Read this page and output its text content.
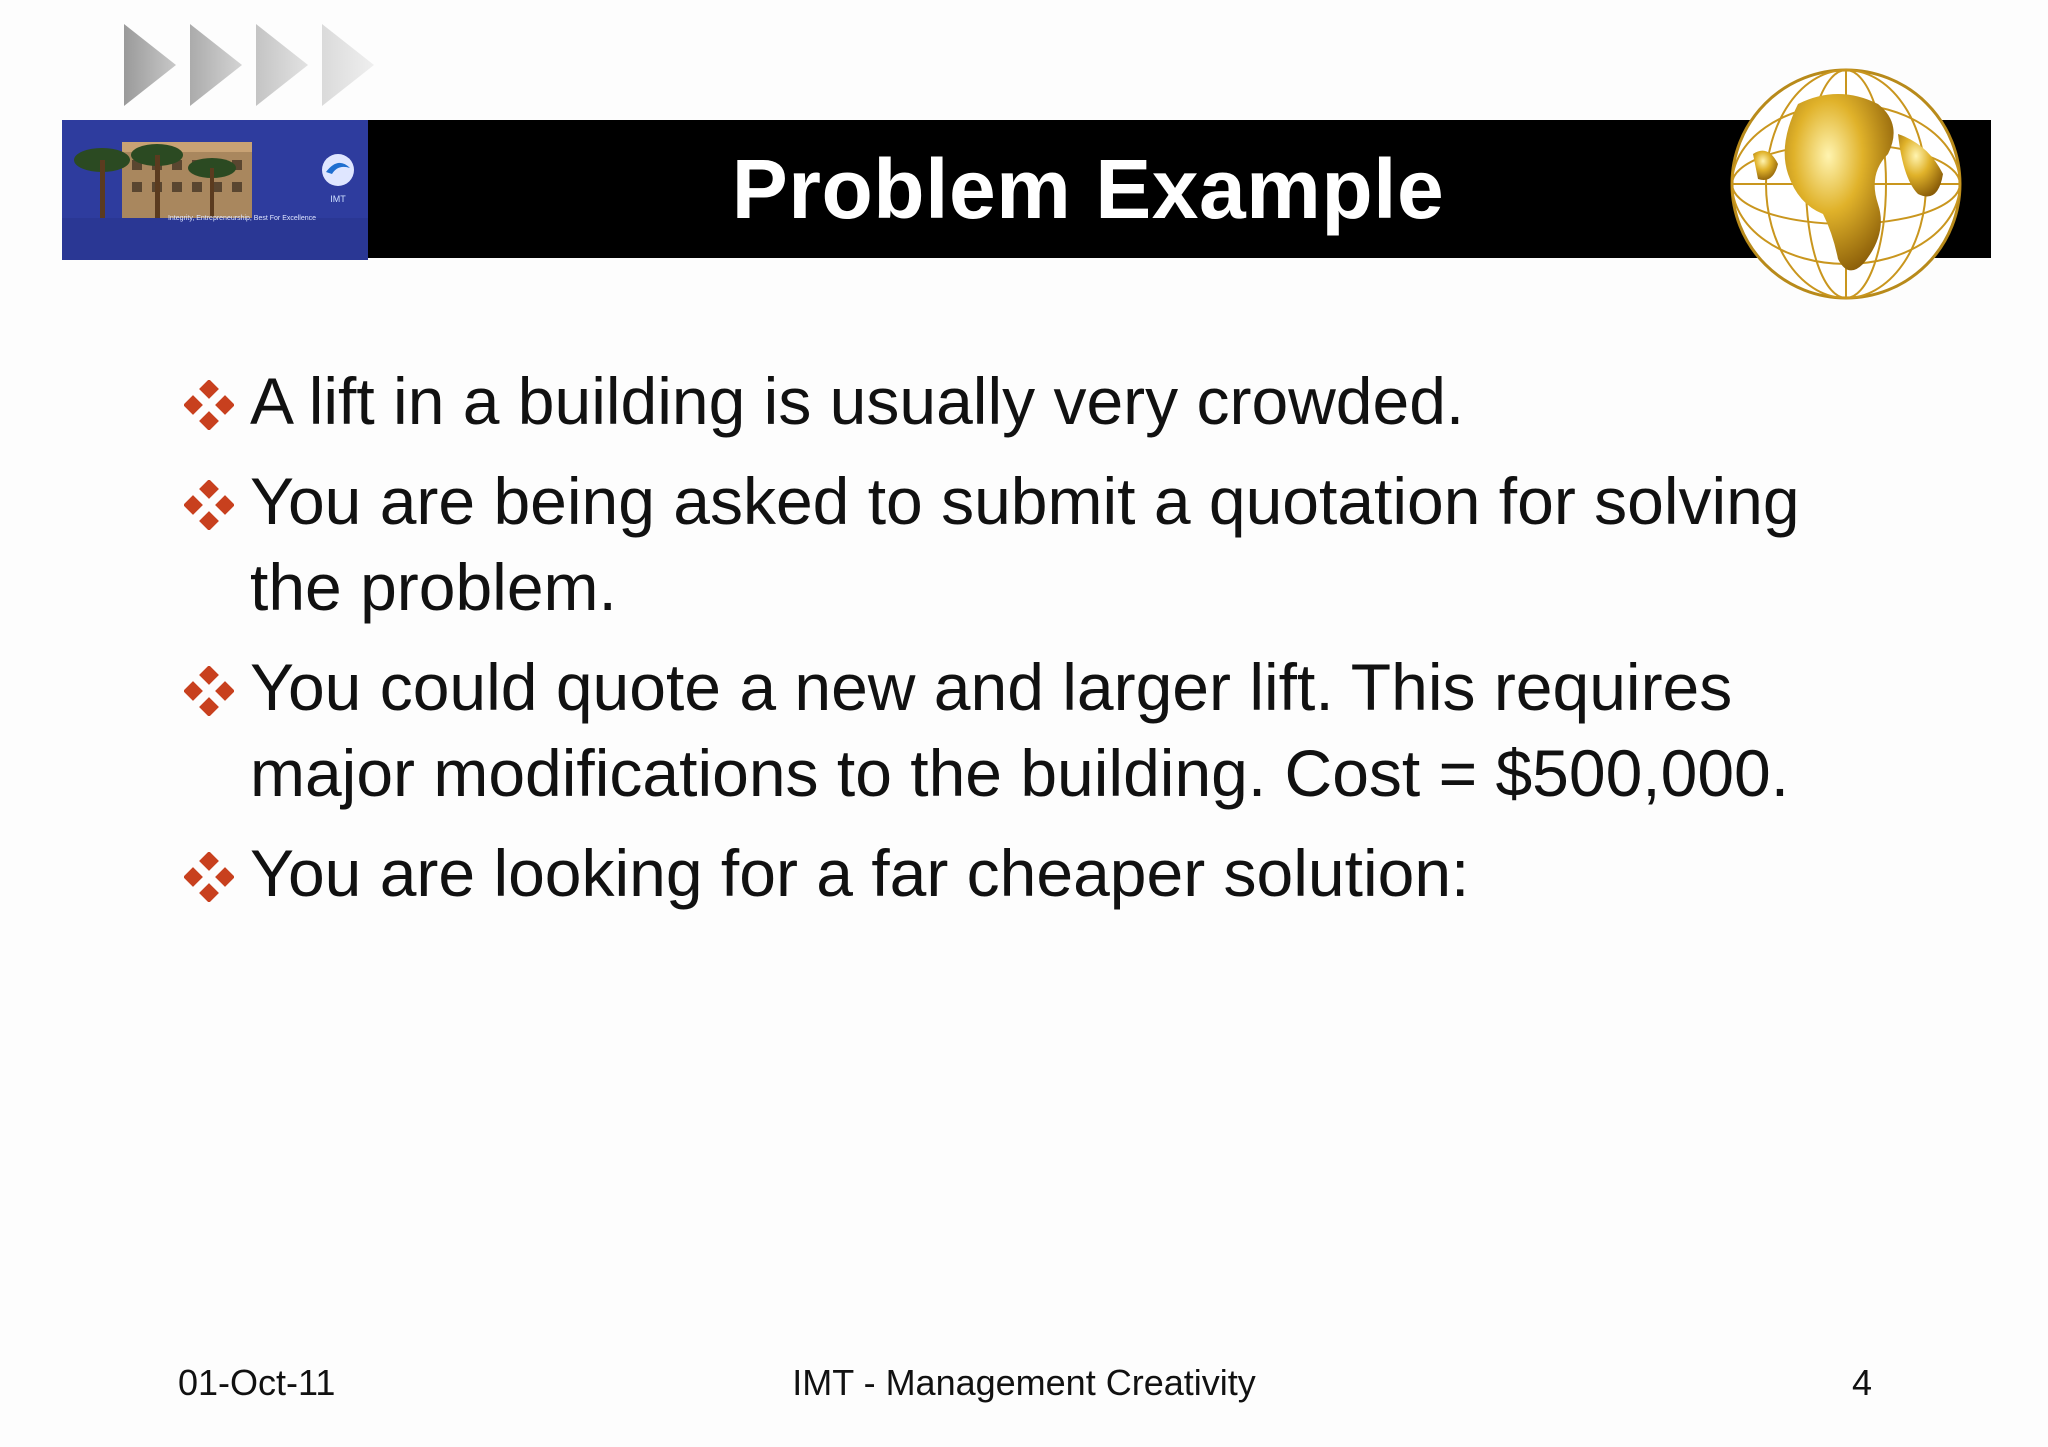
IMT
Integrity, Entrepreneurship, Best For Excellence	Problem Example
A lift in a building is usually very crowded.
You are being asked to submit a quotation for solving the problem.
You could quote a new and larger lift. This requires major modifications to the building. Cost = $500,000.
You are looking for a far cheaper solution:
IMT - Management Creativity
01-Oct-11	4
